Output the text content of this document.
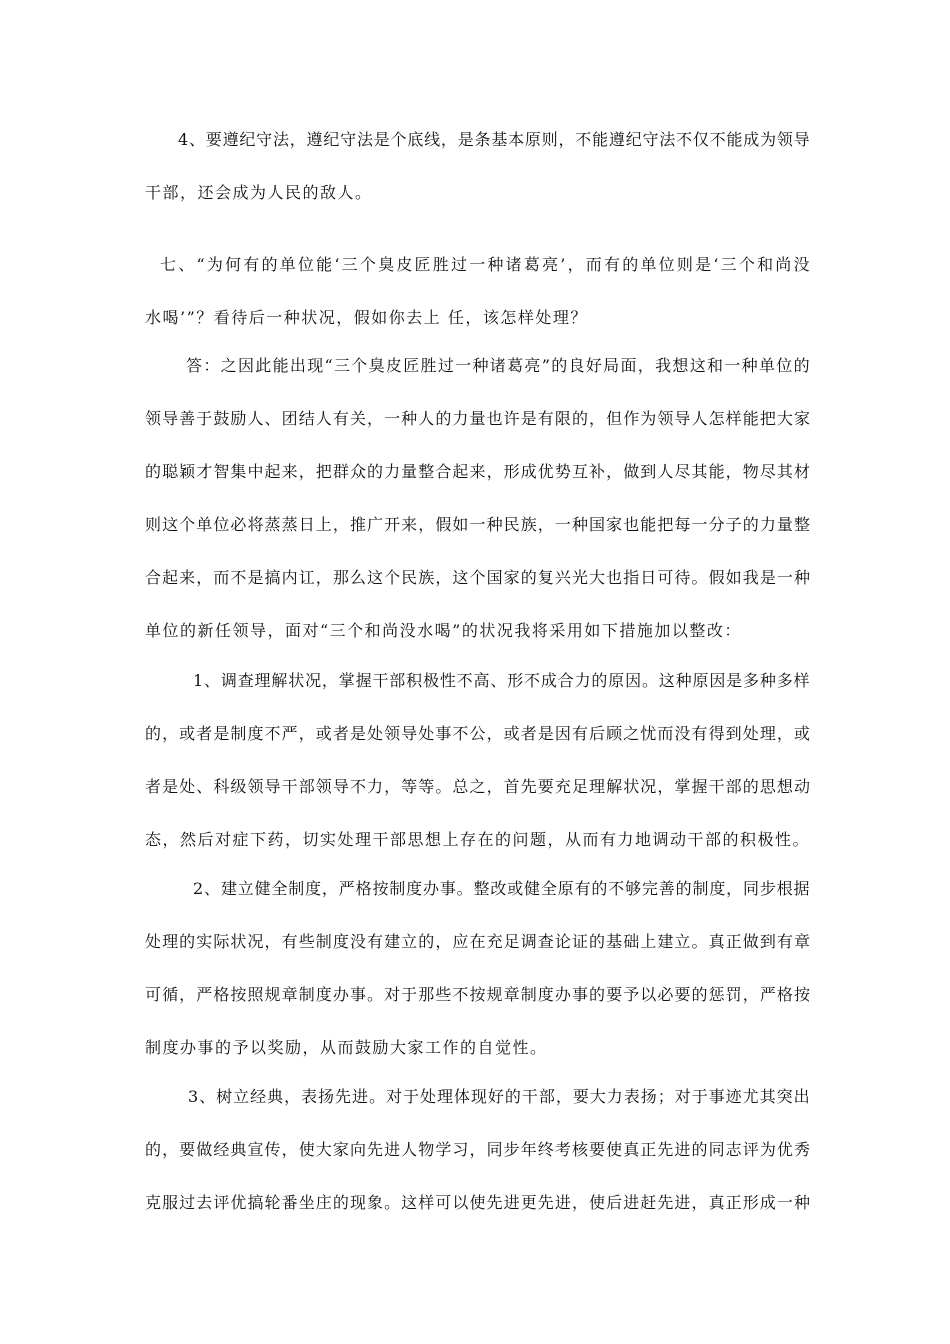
4 、 要 遵 纪 守 法 ， 遵 纪 守 法 是 个 底 线 ， 是 条 基 本 原 则 ， 不 能 遵 纪 守 法 不 仅 不 能 成 为 领 导
干部，还会成为人民的敌人。
七 、 “ 为 何 有 的 单 位 能 ‘ 三 个 臭 皮 匠 胜 过 一 种 诸 葛 亮 ’ ， 而 有 的 单 位 则 是 ‘ 三 个 和 尚 没
水喝’”？看待后一种状况，假如你去上 任，该怎样处理？
答 ： 之 因 此 能 出 现 “ 三 个 臭 皮 匠 胜 过 一 种 诸 葛 亮 ” 的 良 好 局 面 ， 我 想 这 和 一 种 单 位 的
领 导 善 于 鼓 励 人 、 团 结 人 有 关 ， 一 种 人 的 力 量 也 许 是 有 限 的 ， 但 作 为 领 导 人 怎 样 能 把 大 家
的 聪 颖 才 智 集 中 起 来 ， 把 群 众 的 力 量 整 合 起 来 ， 形 成 优 势 互 补 ， 做 到 人 尽 其 能 ， 物 尽 其 材
则 这 个 单 位 必 将 蒸 蒸 日 上 ， 推 广 开 来 ， 假 如 一 种 民 族 ， 一 种 国 家 也 能 把 每 一 分 子 的 力 量 整
合 起 来 ， 而 不 是 搞 内 讧 ， 那 么 这 个 民 族 ， 这 个 国 家 的 复 兴 光 大 也 指 日 可 待 。 假 如 我 是 一 种
单位的新任领导，面对“三个和尚没水喝”的状况我将采用如下措施加以整改：
1 、 调 查 理 解 状 况 ， 掌 握 干 部 积 极 性 不 高 、 形 不 成 合 力 的 原 因 。 这 种 原 因 是 多 种 多 样
的 ， 或 者 是 制 度 不 严 ， 或 者 是 处 领 导 处 事 不 公 ， 或 者 是 因 有 后 顾 之 忧 而 没 有 得 到 处 理 ， 或
者 是 处 、 科 级 领 导 干 部 领 导 不 力 ， 等 等 。 总 之 ， 首 先 要 充 足 理 解 状 况 ， 掌 握 干 部 的 思 想 动
态，然后对症下药，切实处理干部思想上存在的问题，从而有力地调动干部的积极性。
2 、 建 立 健 全 制 度 ， 严 格 按 制 度 办 事 。 整 改 或 健 全 原 有 的 不 够 完 善 的 制 度 ， 同 步 根 据
处 理 的 实 际 状 况 ， 有 些 制 度 没 有 建 立 的 ， 应 在 充 足 调 查 论 证 的 基 础 上 建 立 。 真 正 做 到 有 章
可 循 ， 严 格 按 照 规 章 制 度 办 事 。 对 于 那 些 不 按 规 章 制 度 办 事 的 要 予 以 必 要 的 惩 罚 ， 严 格 按
制度办事的予以奖励，从而鼓励大家工作的自觉性。
3 、 树 立 经 典 ， 表 扬 先 进 。 对 于 处 理 体 现 好 的 干 部 ， 要 大 力 表 扬 ； 对 于 事 迹 尤 其 突 出
的 ， 要 做 经 典 宣 传 ， 使 大 家 向 先 进 人 物 学 习 ， 同 步 年 终 考 核 要 使 真 正 先 进 的 同 志 评 为 优 秀
克 服 过 去 评 优 搞 轮 番 坐 庄 的 现 象 。 这 样 可 以 使 先 进 更 先 进 ， 使 后 进 赶 先 进 ， 真 正 形 成 一 种
